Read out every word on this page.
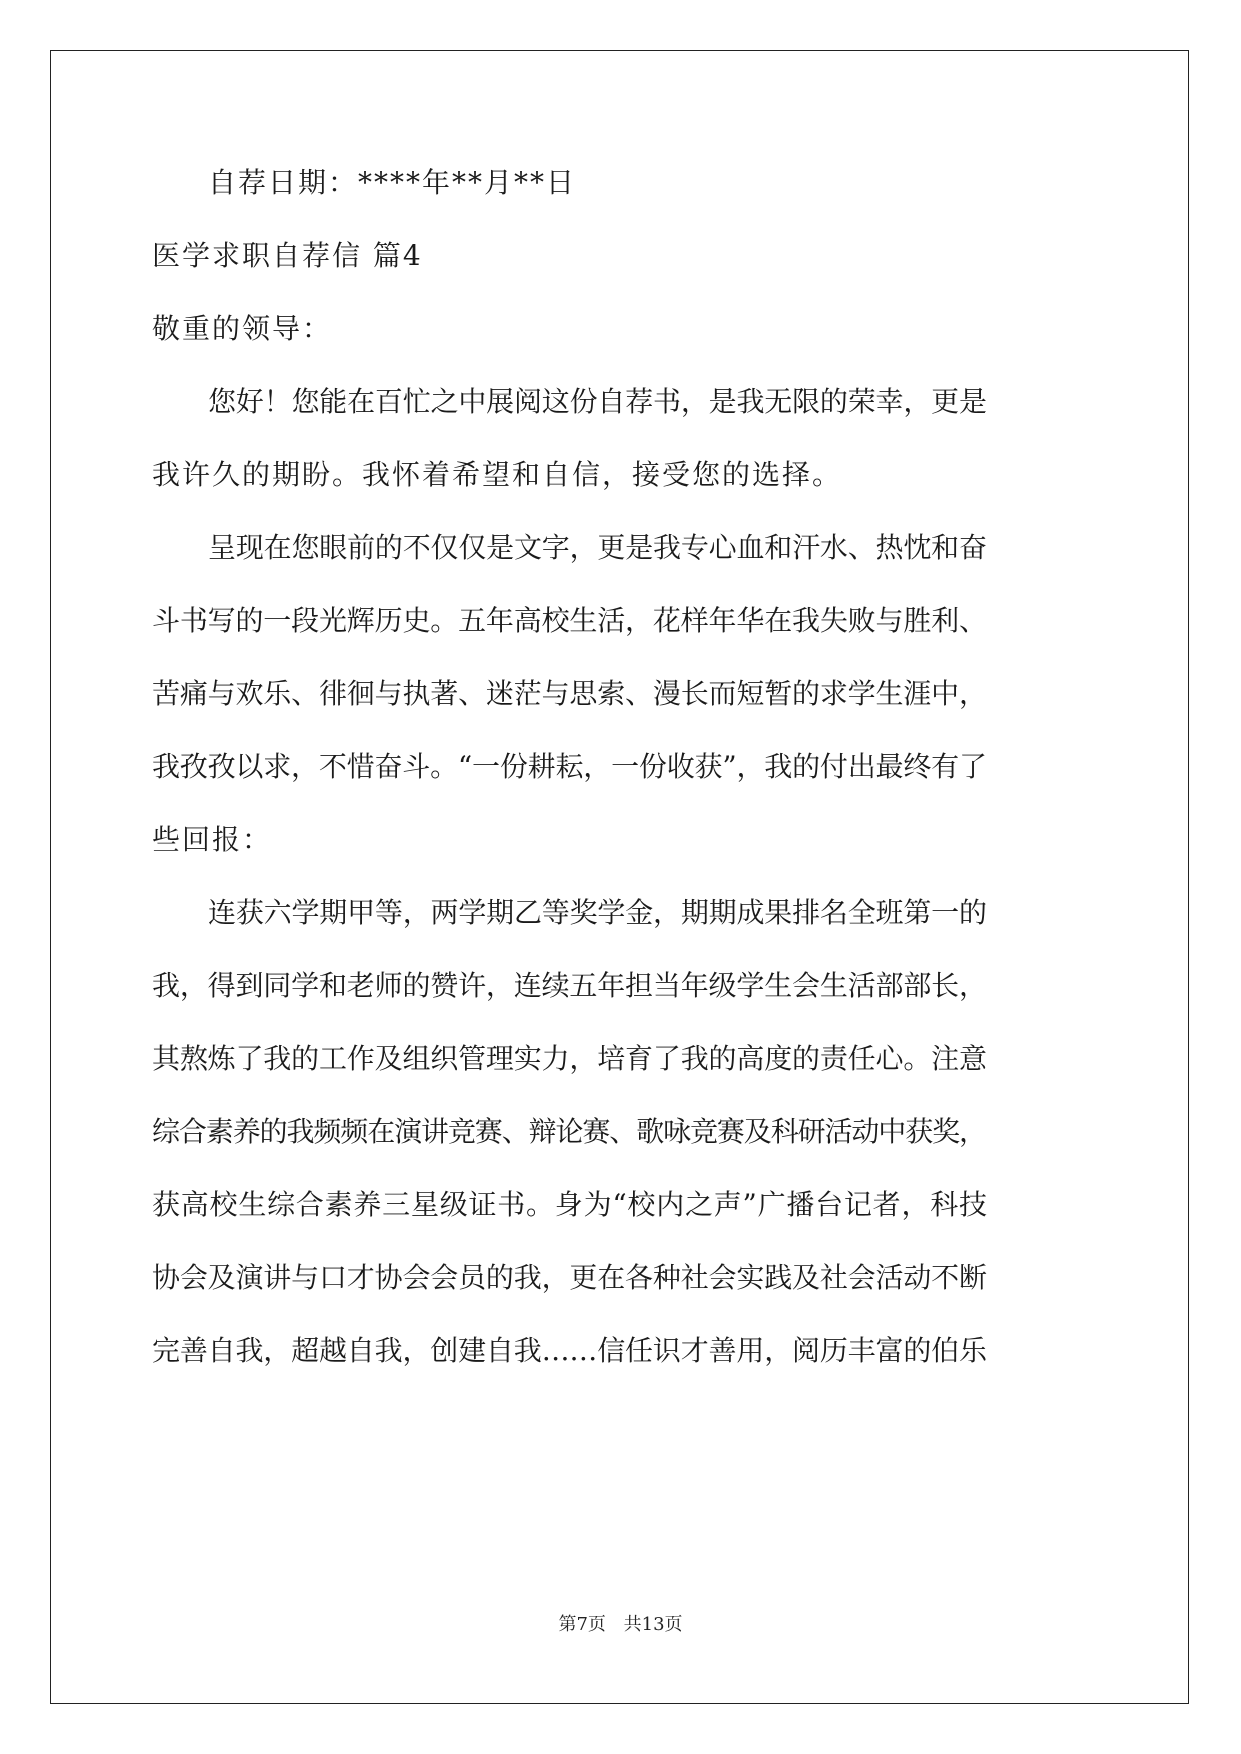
自荐日期：****年**月**日
医学求职自荐信 篇4
敬重的领导：
您好！您能在百忙之中展阅这份自荐书，是我无限的荣幸，更是
我许久的期盼。我怀着希望和自信，接受您的选择。
呈现在您眼前的不仅仅是文字，更是我专心血和汗水、热忱和奋
斗书写的一段光辉历史。五年高校生活，花样年华在我失败与胜利、
苦痛与欢乐、徘徊与执著、迷茫与思索、漫长而短暂的求学生涯中，
我孜孜以求，不惜奋斗。“一份耕耘，一份收获”，我的付出最终有了
些回报：
连获六学期甲等，两学期乙等奖学金，期期成果排名全班第一的
我，得到同学和老师的赞许，连续五年担当年级学生会生活部部长，
其熬炼了我的工作及组织管理实力，培育了我的高度的责任心。注意
综合素养的我频频在演讲竞赛、辩论赛、歌咏竞赛及科研活动中获奖，
获高校生综合素养三星级证书。身为“校内之声”广播台记者，科技
协会及演讲与口才协会会员的我，更在各种社会实践及社会活动不断
完善自我，超越自我，创建自我……信任识才善用，阅历丰富的伯乐
第7页 共13页
